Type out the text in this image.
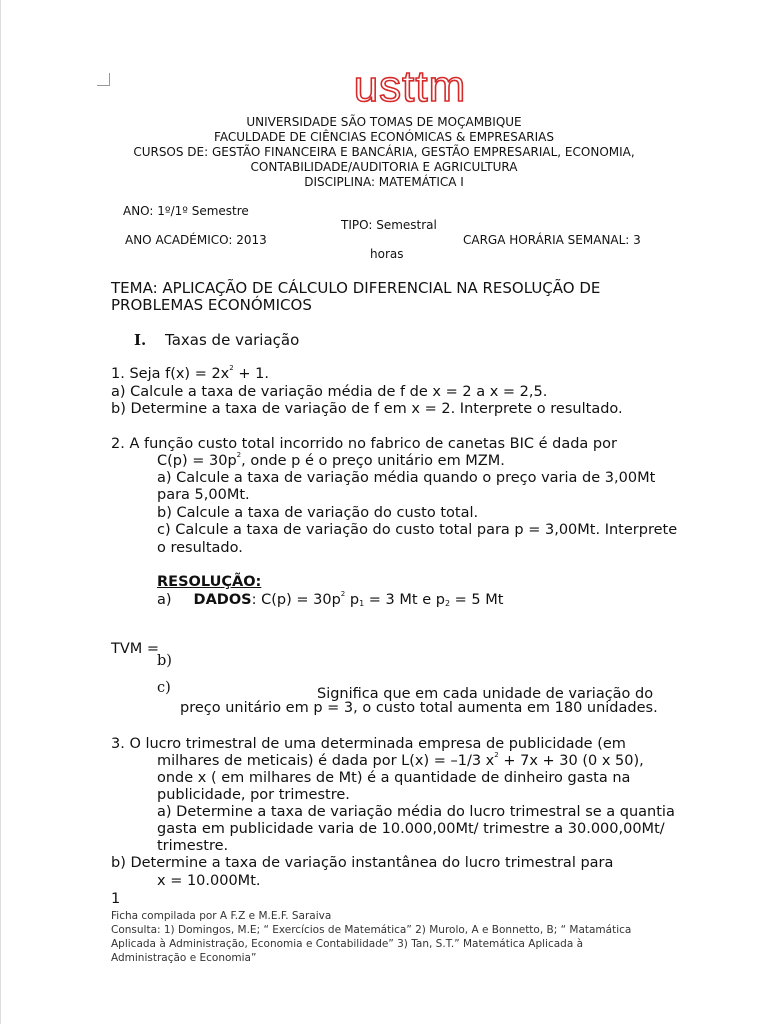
usttm
UNIVERSIDADE SÃO TOMAS DE MOÇAMBIQUE
FACULDADE DE CIÊNCIAS ECONÓMICAS & EMPRESARIAS
CURSOS DE: GESTÃO FINANCEIRA E BANCÁRIA, GESTÃO EMPRESARIAL, ECONOMIA,
CONTABILIDADE/AUDITORIA E AGRICULTURA
DISCIPLINA: MATEMÁTICA I
ANO: 1º/1º Semestre
TIPO: Semestral
ANO ACADÉMICO: 2013	CARGA HORÁRIA SEMANAL: 3
horas
TEMA: APLICAÇÃO DE CÁLCULO DIFERENCIAL NA RESOLUÇÃO DE
PROBLEMAS ECONÓMICOS
I. Taxas de variação
1. Seja $f(x) = 2x^2 + 1$.
a) Calcule a taxa de variação média de f de x = 2 a x = 2,5.
b) Determine a taxa de variação de f em x = 2. Interprete o resultado.
2. A função custo total incorrido no fabrico de canetas BIC é dada por
$C(p) = 30p^2$, onde p é o preço unitário em MZM.
a) Calcule a taxa de variação média quando o preço varia de 3,00Mt
para 5,00Mt.
b) Calcule a taxa de variação do custo total.
c) Calcule a taxa de variação do custo total para p = 3,00Mt. Interprete
o resultado.
RESOLUÇÃO:
a) DADOS: $C(p) = 30p^2$ $p_1 = 3$ Mt e $p_2 = 5$ Mt
TVM =
b)
c)	Significa que em cada unidade de variação do
preço unitário em p = 3, o custo total aumenta em 180 unidades.
3. O lucro trimestral de uma determinada empresa de publicidade (em
milhares de meticais) é dada por L(x) = –1/3 $x^2 + 7x + 30$ (0 x 50),
onde x ( em milhares de Mt) é a quantidade de dinheiro gasta na
publicidade, por trimestre.
a) Determine a taxa de variação média do lucro trimestral se a quantia
gasta em publicidade varia de 10.000,00Mt/ trimestre a 30.000,00Mt/
trimestre.
b) Determine a taxa de variação instantânea do lucro trimestral para
x = 10.000Mt.
1
Ficha compilada por A F.Z e M.E.F. Saraiva
Consulta: 1) Domingos, M.E; “ Exercícios de Matemática” 2) Murolo, A e Bonnetto, B; “ Matamática
Aplicada à Administração, Economia e Contabilidade” 3) Tan, S.T.” Matemática Aplicada à
Administração e Economia”
